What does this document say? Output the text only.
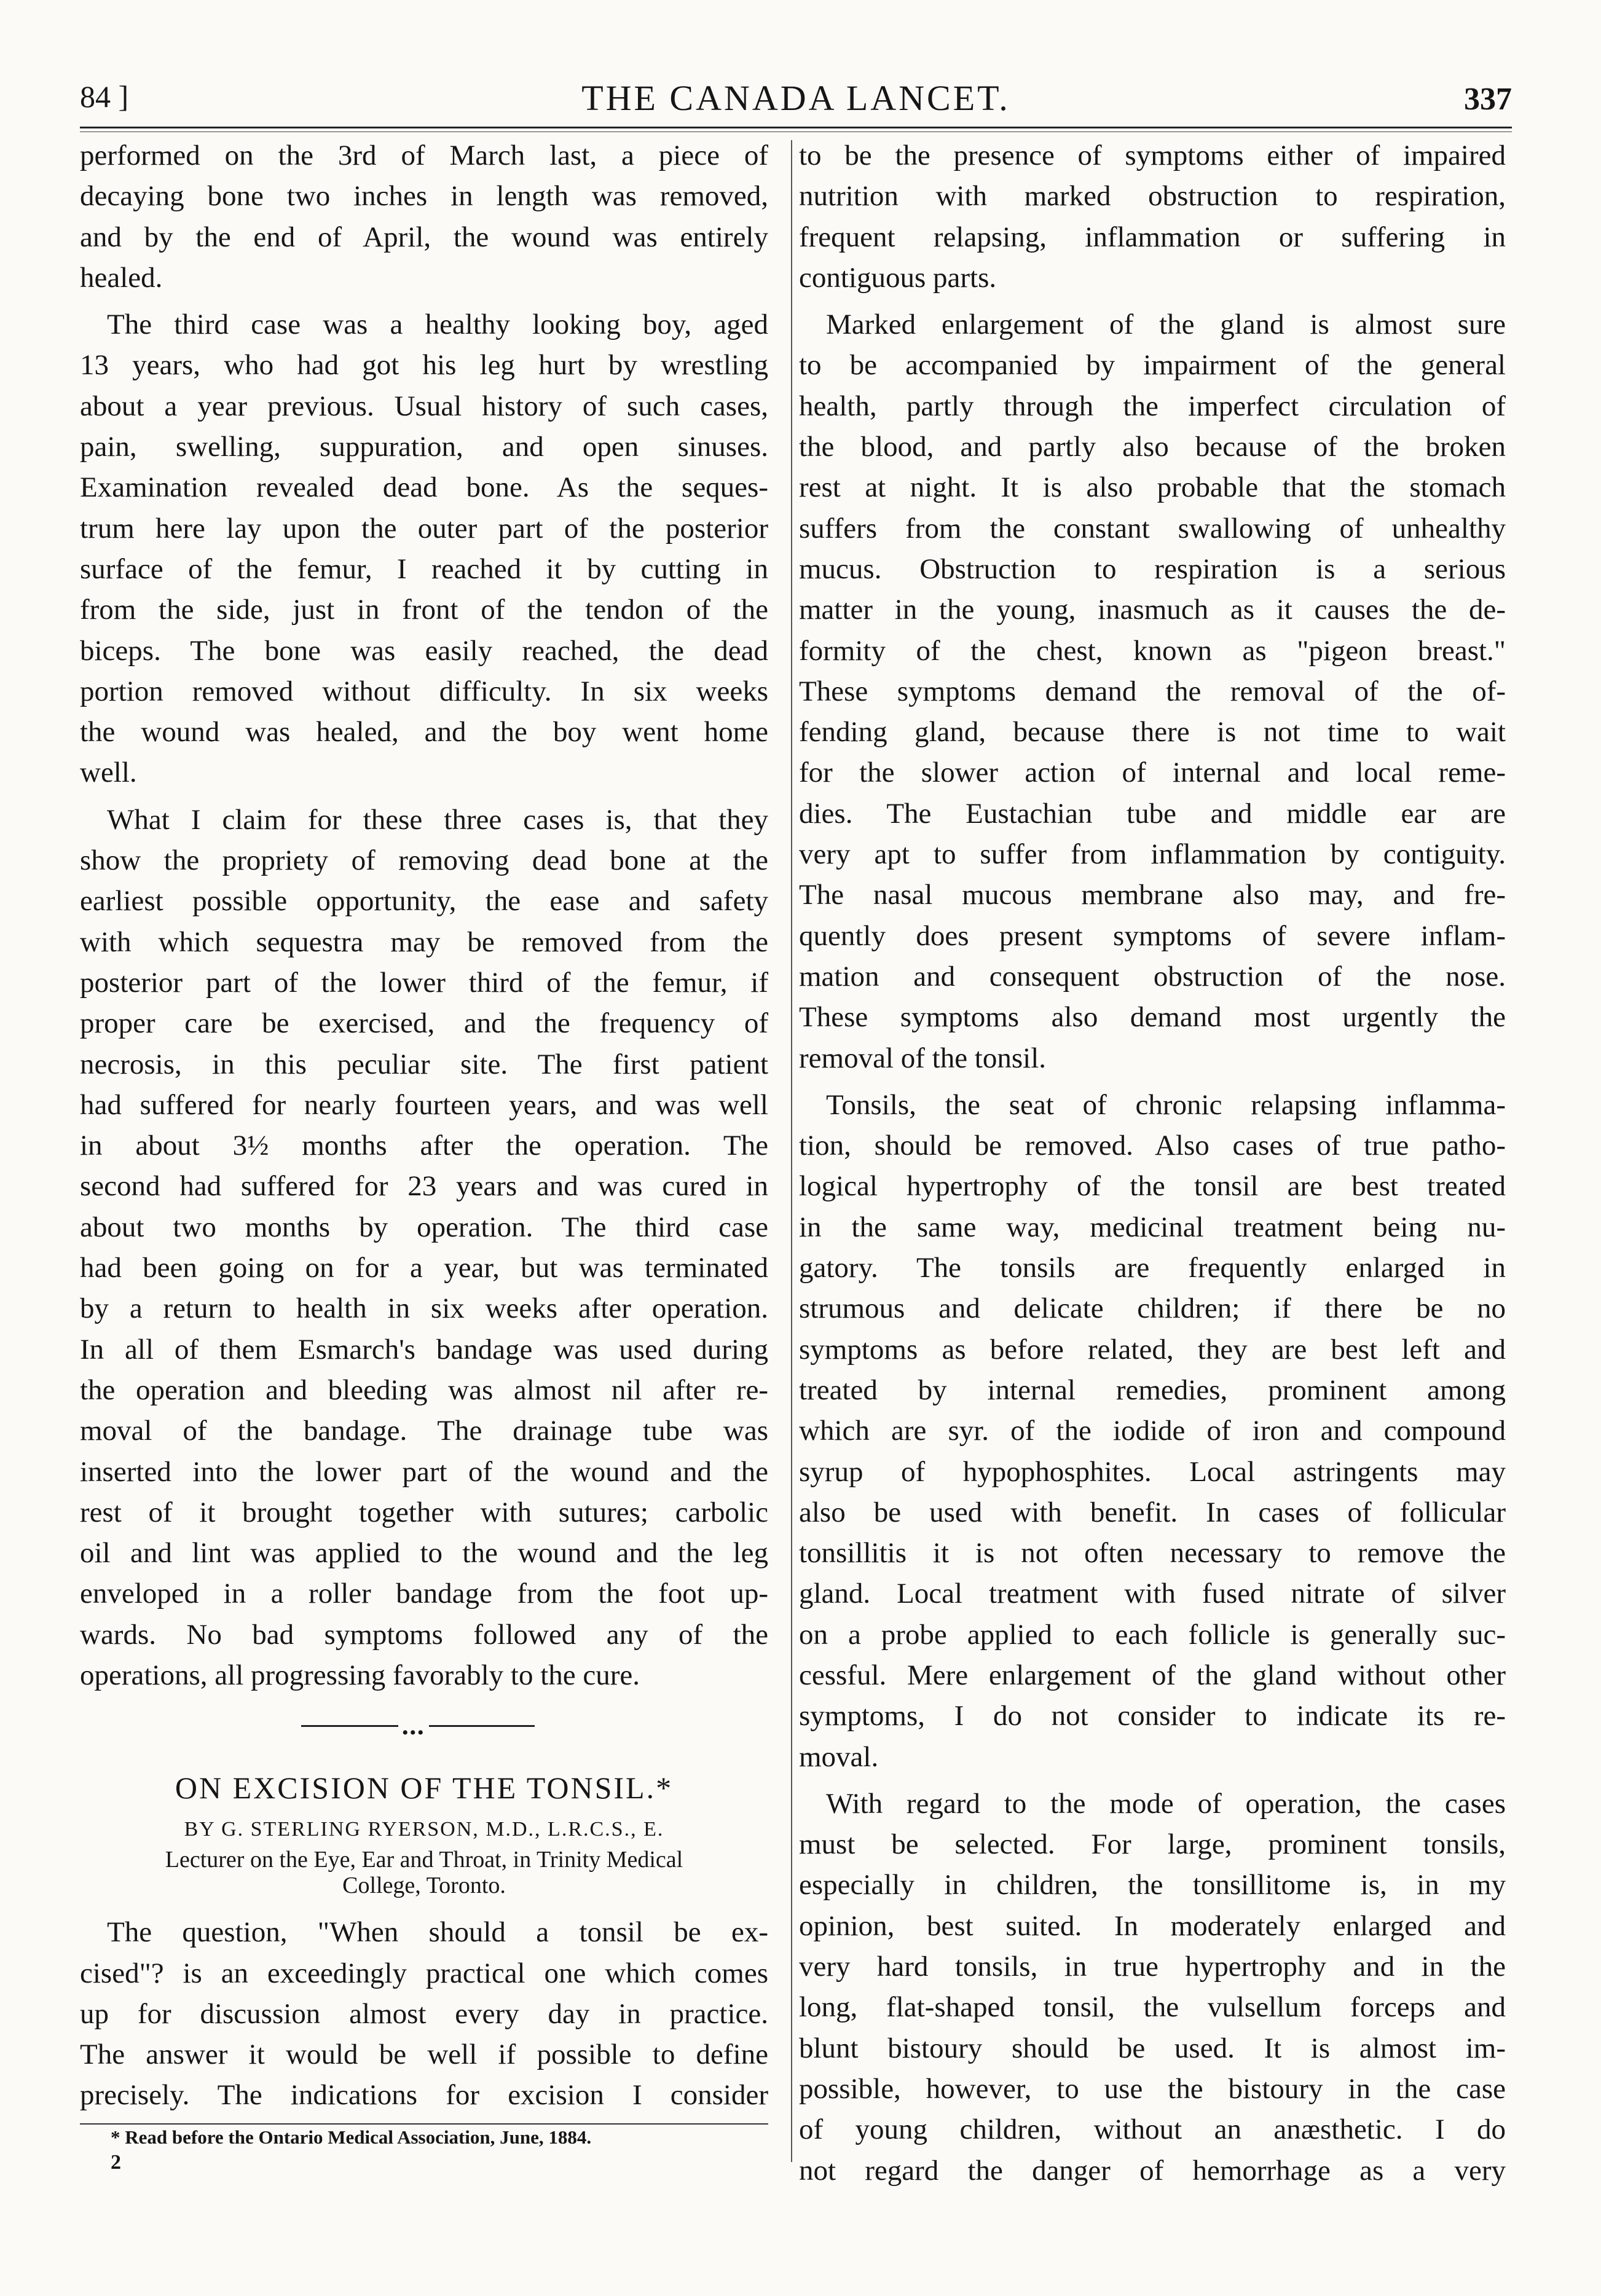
84 ]	THE CANADA LANCET.	337
performed on the 3rd of March last, a piece of
decaying bone two inches in length was removed,
and by the end of April, the wound was entirely
healed.
The third case was a healthy looking boy, aged
13 years, who had got his leg hurt by wrestling
about a year previous. Usual history of such cases,
pain, swelling, suppuration, and open sinuses.
Examination revealed dead bone. As the seques-
trum here lay upon the outer part of the posterior
surface of the femur, I reached it by cutting in
from the side, just in front of the tendon of the
biceps. The bone was easily reached, the dead
portion removed without difficulty. In six weeks
the wound was healed, and the boy went home
well.
What I claim for these three cases is, that they
show the propriety of removing dead bone at the
earliest possible opportunity, the ease and safety
with which sequestra may be removed from the
posterior part of the lower third of the femur, if
proper care be exercised, and the frequency of
necrosis, in this peculiar site. The first patient
had suffered for nearly fourteen years, and was well
in about 3½ months after the operation. The
second had suffered for 23 years and was cured in
about two months by operation. The third case
had been going on for a year, but was terminated
by a return to health in six weeks after operation.
In all of them Esmarch's bandage was used during
the operation and bleeding was almost nil after re-
moval of the bandage. The drainage tube was
inserted into the lower part of the wound and the
rest of it brought together with sutures; carbolic
oil and lint was applied to the wound and the leg
enveloped in a roller bandage from the foot up-
wards. No bad symptoms followed any of the
operations, all progressing favorably to the cure.
•••
ON EXCISION OF THE TONSIL.*
BY G. STERLING RYERSON, M.D., L.R.C.S., E.
Lecturer on the Eye, Ear and Throat, in Trinity Medical
College, Toronto.
The question, "When should a tonsil be ex-
cised"? is an exceedingly practical one which comes
up for discussion almost every day in practice.
The answer it would be well if possible to define
precisely. The indications for excision I consider
* Read before the Ontario Medical Association, June, 1884.
2
to be the presence of symptoms either of impaired
nutrition with marked obstruction to respiration,
frequent relapsing, inflammation or suffering in
contiguous parts.
Marked enlargement of the gland is almost sure
to be accompanied by impairment of the general
health, partly through the imperfect circulation of
the blood, and partly also because of the broken
rest at night. It is also probable that the stomach
suffers from the constant swallowing of unhealthy
mucus. Obstruction to respiration is a serious
matter in the young, inasmuch as it causes the de-
formity of the chest, known as "pigeon breast."
These symptoms demand the removal of the of-
fending gland, because there is not time to wait
for the slower action of internal and local reme-
dies. The Eustachian tube and middle ear are
very apt to suffer from inflammation by contiguity.
The nasal mucous membrane also may, and fre-
quently does present symptoms of severe inflam-
mation and consequent obstruction of the nose.
These symptoms also demand most urgently the
removal of the tonsil.
Tonsils, the seat of chronic relapsing inflamma-
tion, should be removed. Also cases of true patho-
logical hypertrophy of the tonsil are best treated
in the same way, medicinal treatment being nu-
gatory. The tonsils are frequently enlarged in
strumous and delicate children; if there be no
symptoms as before related, they are best left and
treated by internal remedies, prominent among
which are syr. of the iodide of iron and compound
syrup of hypophosphites. Local astringents may
also be used with benefit. In cases of follicular
tonsillitis it is not often necessary to remove the
gland. Local treatment with fused nitrate of silver
on a probe applied to each follicle is generally suc-
cessful. Mere enlargement of the gland without other
symptoms, I do not consider to indicate its re-
moval.
With regard to the mode of operation, the cases
must be selected. For large, prominent tonsils,
especially in children, the tonsillitome is, in my
opinion, best suited. In moderately enlarged and
very hard tonsils, in true hypertrophy and in the
long, flat-shaped tonsil, the vulsellum forceps and
blunt bistoury should be used. It is almost im-
possible, however, to use the bistoury in the case
of young children, without an anæsthetic. I do
not regard the danger of hemorrhage as a very
